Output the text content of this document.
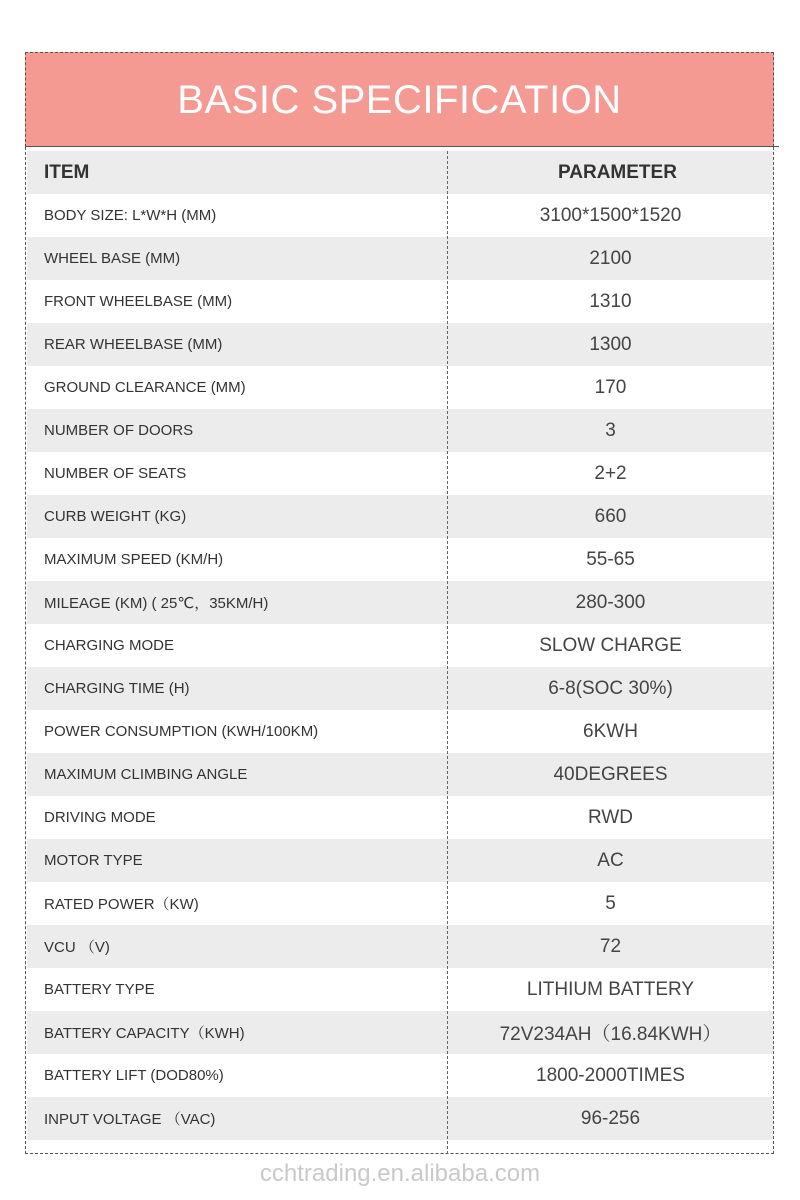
BASIC SPECIFICATION
ITEM	PARAMETER
BODY SIZE: L*W*H (MM)	3100*1500*1520
WHEEL BASE (MM)	2100
FRONT WHEELBASE (MM)	1310
REAR WHEELBASE (MM)	1300
GROUND CLEARANCE (MM)	170
NUMBER OF DOORS	3
NUMBER OF SEATS	2+2
CURB WEIGHT (KG)	660
MAXIMUM SPEED (KM/H)	55-65
MILEAGE (KM) ( 25℃，35KM/H)	280-300
CHARGING MODE	SLOW CHARGE
CHARGING TIME (H)	6-8(SOC 30%)
POWER CONSUMPTION (KWH/100KM)	6KWH
MAXIMUM CLIMBING ANGLE	40DEGREES
DRIVING MODE	RWD
MOTOR TYPE	AC
RATED POWER（KW)	5
VCU （V)	72
BATTERY TYPE	LITHIUM BATTERY
BATTERY CAPACITY（KWH)	72V234AH（16.84KWH）
BATTERY LIFT (DOD80%)	1800-2000TIMES
INPUT VOLTAGE （VAC)	96-256
cchtrading.en.alibaba.com
